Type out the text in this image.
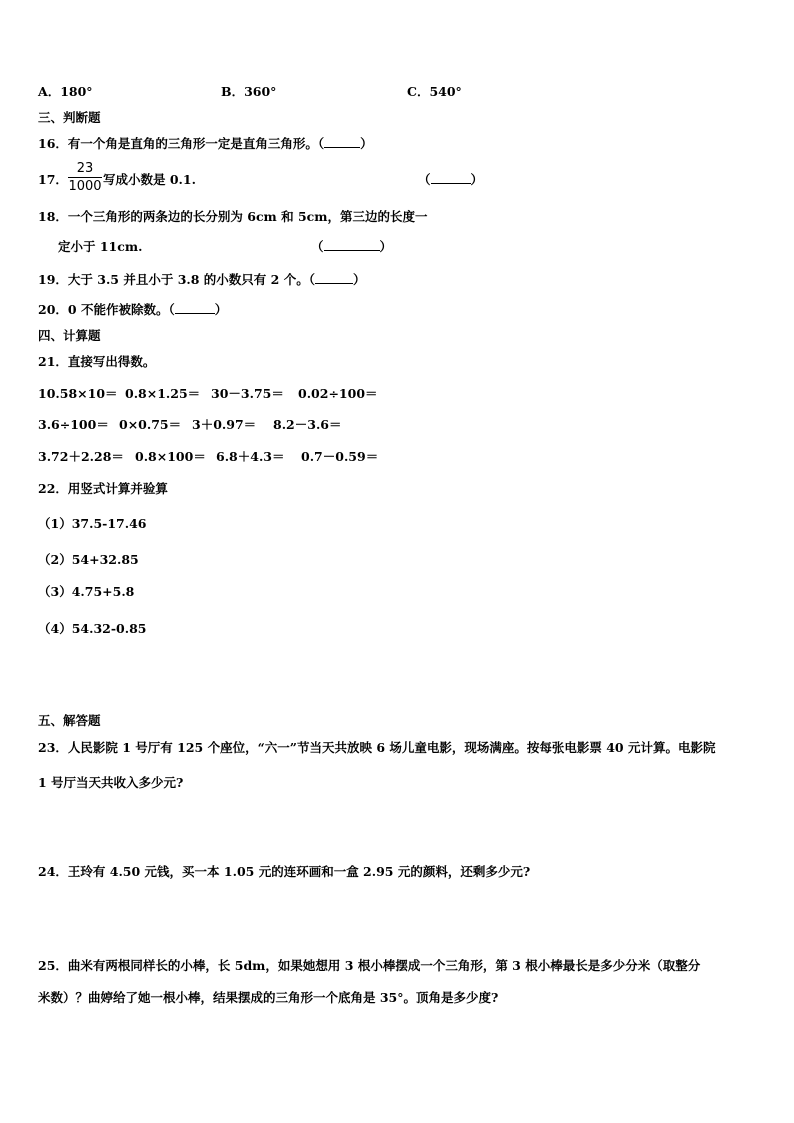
A．180°	B．360°	C．540°
三、判断题
16．有一个角是直角的三角形一定是直角三角形。（	）
17．
23
1000 写成小数是 0.1.	（	）
18．一个三角形的两条边的长分别为 6cm 和 5cm，第三边的长度一
定小于 11cm.	（	）
19．大于 3.5 并且小于 3.8 的小数只有 2 个。（	）
20．0 不能作被除数。（	）
四、计算题
21．直接写出得数。
10.58×10＝ 0.8×1.25＝ 30－3.75＝ 0.02÷100＝
3.6÷100＝ 0×0.75＝ 3＋0.97＝ 8.2－3.6＝
3.72＋2.28＝ 0.8×100＝ 6.8＋4.3＝ 0.7－0.59＝
22．用竖式计算并验算
（1）37.5-17.46
（2）54+32.85
（3）4.75+5.8
（4）54.32-0.85
五、解答题
23．人民影院 1 号厅有 125 个座位，“六一”节当天共放映 6 场儿童电影，现场满座。按每张电影票 40 元计算。电影院
1 号厅当天共收入多少元?
24．王玲有 4.50 元钱，买一本 1.05 元的连环画和一盒 2.95 元的颜料，还剩多少元?
25．曲米有两根同样长的小棒，长 5dm，如果她想用 3 根小棒摆成一个三角形，第 3 根小棒最长是多少分米（取整分
米数）？曲婷给了她一根小棒，结果摆成的三角形一个底角是 35°。顶角是多少度?
